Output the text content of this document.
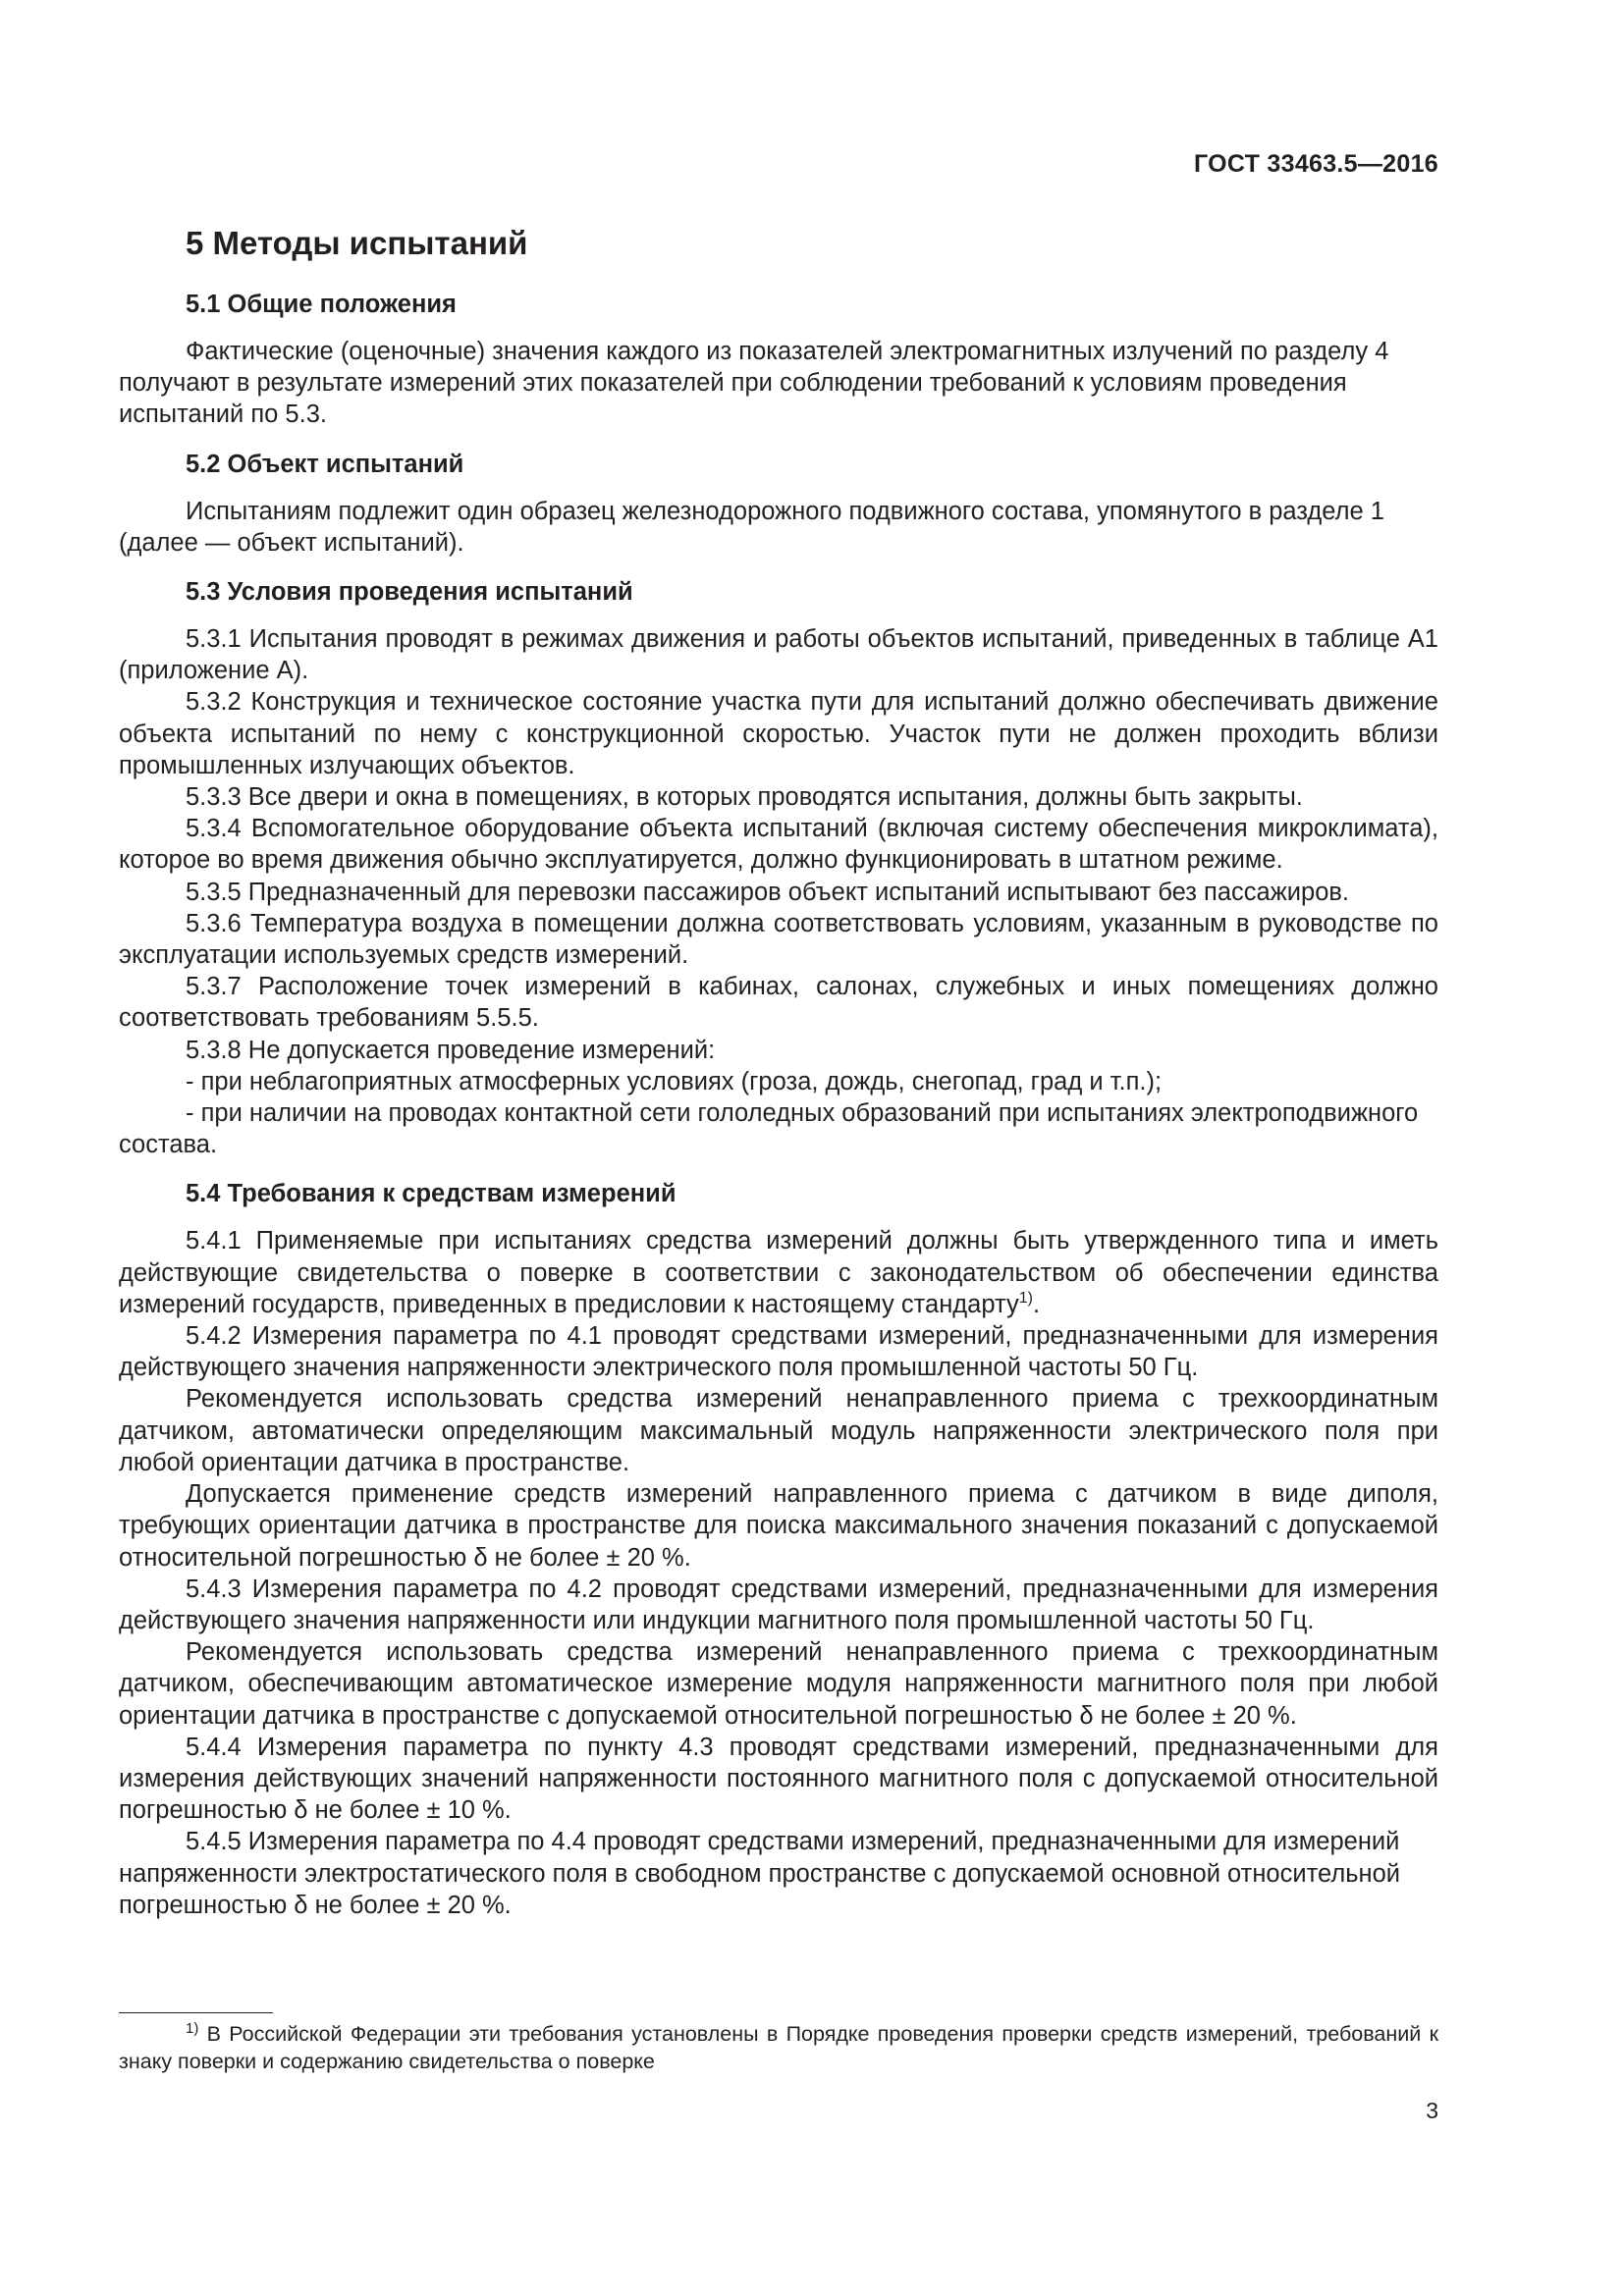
ГОСТ 33463.5—2016
5 Методы испытаний
5.1 Общие положения

Фактические (оценочные) значения каждого из показателей электромагнитных излучений по разделу 4 получают в результате измерений этих показателей при соблюдении требований к условиям проведения испытаний по 5.3.

5.2 Объект испытаний

Испытаниям подлежит один образец железнодорожного подвижного состава, упомянутого в разделе 1 (далее — объект испытаний).

5.3 Условия проведения испытаний

5.3.1 Испытания проводят в режимах движения и работы объектов испытаний, приведенных в таблице А1 (приложение А).

5.3.2 Конструкция и техническое состояние участка пути для испытаний должно обеспечивать движение объекта испытаний по нему с конструкционной скоростью. Участок пути не должен проходить вблизи промышленных излучающих объектов.

5.3.3 Все двери и окна в помещениях, в которых проводятся испытания, должны быть закрыты.

5.3.4 Вспомогательное оборудование объекта испытаний (включая систему обеспечения микроклимата), которое во время движения обычно эксплуатируется, должно функционировать в штатном режиме.

5.3.5 Предназначенный для перевозки пассажиров объект испытаний испытывают без пассажиров.

5.3.6 Температура воздуха в помещении должна соответствовать условиям, указанным в руководстве по эксплуатации используемых средств измерений.

5.3.7 Расположение точек измерений в кабинах, салонах, служебных и иных помещениях должно соответствовать требованиям 5.5.5.

5.3.8 Не допускается проведение измерений:

- при неблагоприятных атмосферных условиях (гроза, дождь, снегопад, град и т.п.);

- при наличии на проводах контактной сети гололедных образований при испытаниях электроподвижного состава.

5.4 Требования к средствам измерений

5.4.1 Применяемые при испытаниях средства измерений должны быть утвержденного типа и иметь действующие свидетельства о поверке в соответствии с законодательством об обеспечении единства измерений государств, приведенных в предисловии к настоящему стандарту$^{1)}$.

5.4.2 Измерения параметра по 4.1 проводят средствами измерений, предназначенными для измерения действующего значения напряженности электрического поля промышленной частоты 50 Гц.

Рекомендуется использовать средства измерений ненаправленного приема с трехкоординатным датчиком, автоматически определяющим максимальный модуль напряженности электрического поля при любой ориентации датчика в пространстве.

Допускается применение средств измерений направленного приема с датчиком в виде диполя, требующих ориентации датчика в пространстве для поиска максимального значения показаний с допускаемой относительной погрешностью δ не более ± 20 %.

5.4.3 Измерения параметра по 4.2 проводят средствами измерений, предназначенными для измерения действующего значения напряженности или индукции магнитного поля промышленной частоты 50 Гц.

Рекомендуется использовать средства измерений ненаправленного приема с трехкоординатным датчиком, обеспечивающим автоматическое измерение модуля напряженности магнитного поля при любой ориентации датчика в пространстве с допускаемой относительной погрешностью δ не более ± 20 %.

5.4.4 Измерения параметра по пункту 4.3 проводят средствами измерений, предназначенными для измерения действующих значений напряженности постоянного магнитного поля с допускаемой относительной погрешностью δ не более ± 10 %.

5.4.5 Измерения параметра по 4.4 проводят средствами измерений, предназначенными для измерений напряженности электростатического поля в свободном пространстве с допускаемой основной относительной погрешностью δ не более ± 20 %.

$^{1)}$ В Российской Федерации эти требования установлены в Порядке проведения проверки средств измерений, требований к знаку поверки и содержанию свидетельства о поверке
3
